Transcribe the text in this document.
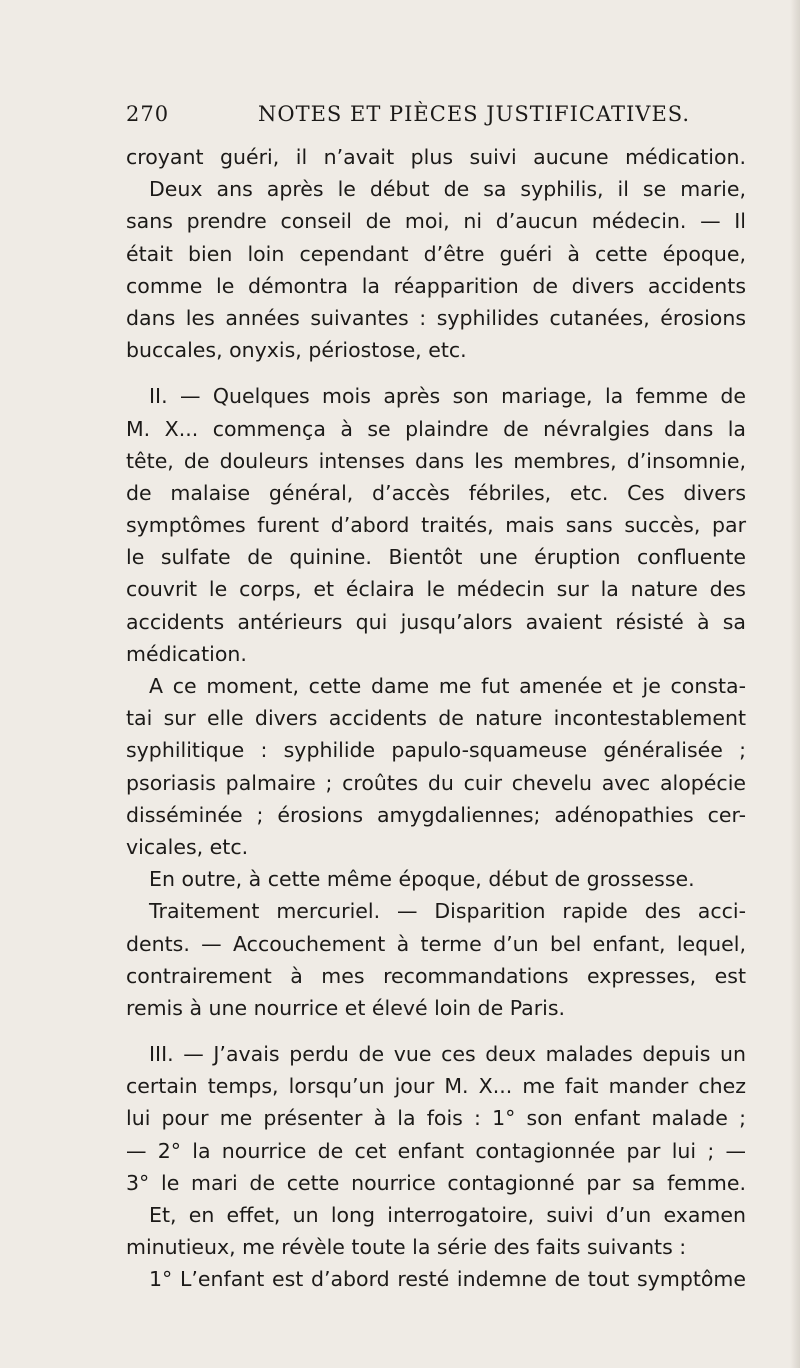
270	NOTES ET PIÈCES JUSTIFICATIVES.
croyant guéri, il n’avait plus suivi aucune médication.
Deux ans après le début de sa syphilis, il se marie,
sans prendre conseil de moi, ni d’aucun médecin. — Il
était bien loin cependant d’être guéri à cette époque,
comme le démontra la réapparition de divers accidents
dans les années suivantes : syphilides cutanées, érosions
buccales, onyxis, périostose, etc.
II. — Quelques mois après son mariage, la femme de
M. X... commença à se plaindre de névralgies dans la
tête, de douleurs intenses dans les membres, d’insomnie,
de malaise général, d’accès fébriles, etc. Ces divers
symptômes furent d’abord traités, mais sans succès, par
le sulfate de quinine. Bientôt une éruption confluente
couvrit le corps, et éclaira le médecin sur la nature des
accidents antérieurs qui jusqu’alors avaient résisté à sa
médication.
A ce moment, cette dame me fut amenée et je consta-
tai sur elle divers accidents de nature incontestablement
syphilitique : syphilide papulo-squameuse généralisée ;
psoriasis palmaire ; croûtes du cuir chevelu avec alopécie
disséminée ; érosions amygdaliennes; adénopathies cer-
vicales, etc.
En outre, à cette même époque, début de grossesse.
Traitement mercuriel. — Disparition rapide des acci-
dents. — Accouchement à terme d’un bel enfant, lequel,
contrairement à mes recommandations expresses, est
remis à une nourrice et élevé loin de Paris.
III. — J’avais perdu de vue ces deux malades depuis un
certain temps, lorsqu’un jour M. X... me fait mander chez
lui pour me présenter à la fois : 1° son enfant malade ;
— 2° la nourrice de cet enfant contagionnée par lui ; —
3° le mari de cette nourrice contagionné par sa femme.
Et, en effet, un long interrogatoire, suivi d’un examen
minutieux, me révèle toute la série des faits suivants :
1° L’enfant est d’abord resté indemne de tout symptôme
